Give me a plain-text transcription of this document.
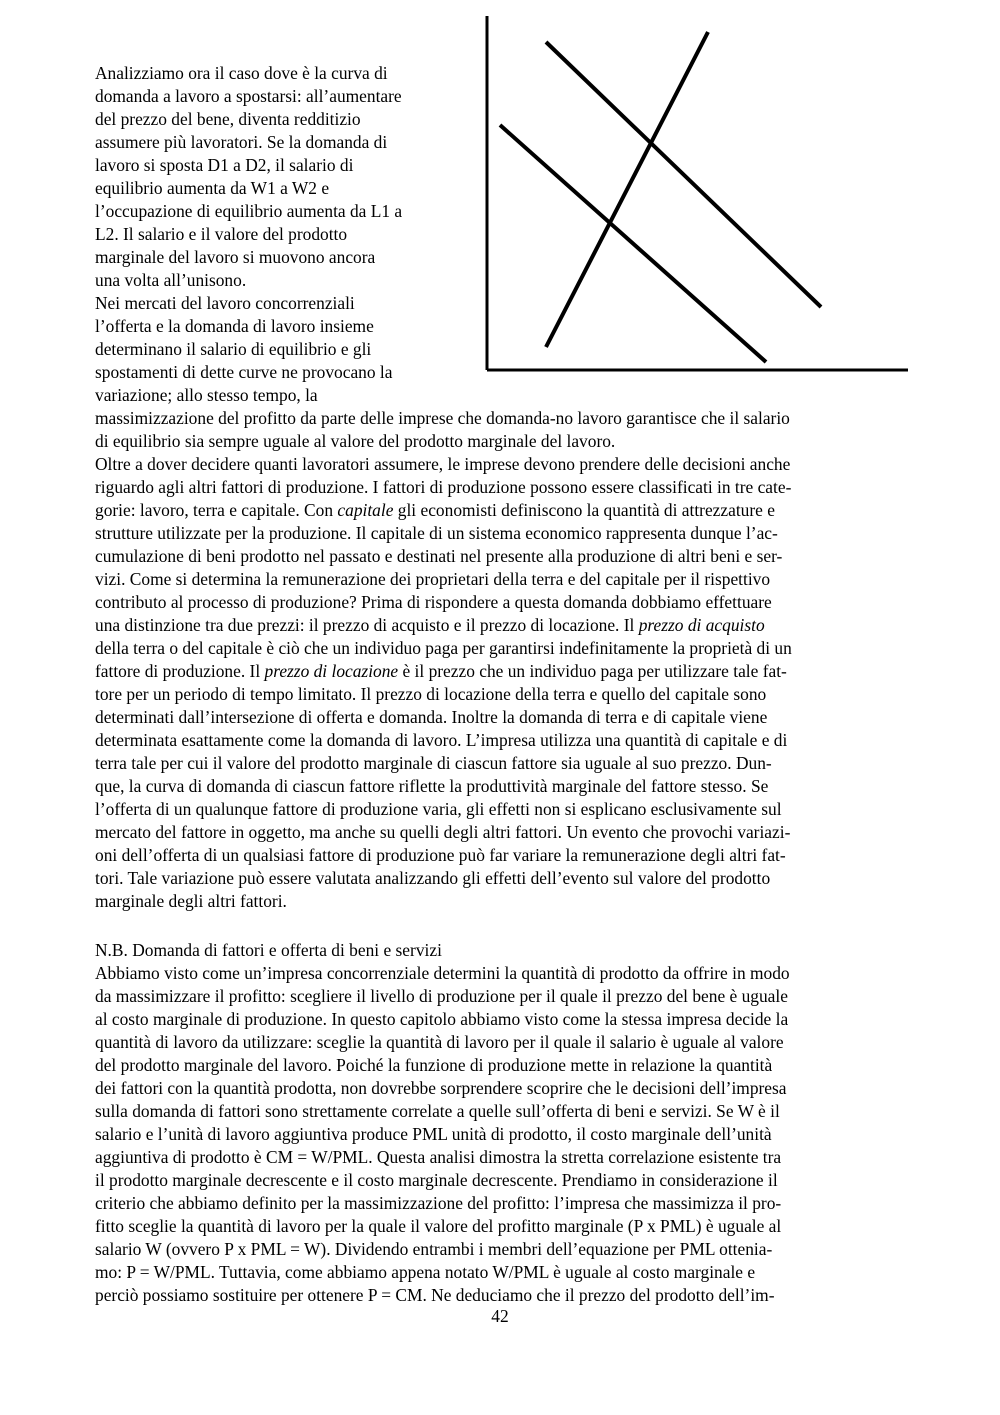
Analizziamo ora il caso dove è la curva di
domanda a lavoro a spostarsi: all’aumentare
del prezzo del bene, diventa redditizio
assumere più lavoratori. Se la domanda di
lavoro si sposta D1 a D2, il salario di
equilibrio aumenta da W1 a W2 e
l’occupazione di equilibrio aumenta da L1 a
L2. Il salario e il valore del prodotto
marginale del lavoro si muovono ancora
una volta all’unisono.
Nei mercati del lavoro concorrenziali
l’offerta e la domanda di lavoro insieme
determinano il salario di equilibrio e gli
spostamenti di dette curve ne provocano la
variazione; allo stesso tempo, la
massimizzazione del profitto da parte delle imprese che domanda-no lavoro garantisce che il salario
di equilibrio sia sempre uguale al valore del prodotto marginale del lavoro.
Oltre a dover decidere quanti lavoratori assumere, le imprese devono prendere delle decisioni anche
riguardo agli altri fattori di produzione. I fattori di produzione possono essere classificati in tre cate-
gorie: lavoro, terra e capitale. Con capitale gli economisti definiscono la quantità di attrezzature e
strutture utilizzate per la produzione. Il capitale di un sistema economico rappresenta dunque l’ac-
cumulazione di beni prodotto nel passato e destinati nel presente alla produzione di altri beni e ser-
vizi. Come si determina la remunerazione dei proprietari della terra e del capitale per il rispettivo
contributo al processo di produzione? Prima di rispondere a questa domanda dobbiamo effettuare
una distinzione tra due prezzi: il prezzo di acquisto e il prezzo di locazione. Il prezzo di acquisto
della terra o del capitale è ciò che un individuo paga per garantirsi indefinitamente la proprietà di un
fattore di produzione. Il prezzo di locazione è il prezzo che un individuo paga per utilizzare tale fat-
tore per un periodo di tempo limitato. Il prezzo di locazione della terra e quello del capitale sono
determinati dall’intersezione di offerta e domanda. Inoltre la domanda di terra e di capitale viene
determinata esattamente come la domanda di lavoro. L’impresa utilizza una quantità di capitale e di
terra tale per cui il valore del prodotto marginale di ciascun fattore sia uguale al suo prezzo. Dun-
que, la curva di domanda di ciascun fattore riflette la produttività marginale del fattore stesso. Se
l’offerta di un qualunque fattore di produzione varia, gli effetti non si esplicano esclusivamente sul
mercato del fattore in oggetto, ma anche su quelli degli altri fattori. Un evento che provochi variazi-
oni dell’offerta di un qualsiasi fattore di produzione può far variare la remunerazione degli altri fat-
tori. Tale variazione può essere valutata analizzando gli effetti dell’evento sul valore del prodotto
marginale degli altri fattori.
N.B. Domanda di fattori e offerta di beni e servizi
Abbiamo visto come un’impresa concorrenziale determini la quantità di prodotto da offrire in modo
da massimizzare il profitto: scegliere il livello di produzione per il quale il prezzo del bene è uguale
al costo marginale di produzione. In questo capitolo abbiamo visto come la stessa impresa decide la
quantità di lavoro da utilizzare: sceglie la quantità di lavoro per il quale il salario è uguale al valore
del prodotto marginale del lavoro. Poiché la funzione di produzione mette in relazione la quantità
dei fattori con la quantità prodotta, non dovrebbe sorprendere scoprire che le decisioni dell’impresa
sulla domanda di fattori sono strettamente correlate a quelle sull’offerta di beni e servizi. Se W è il
salario e l’unità di lavoro aggiuntiva produce PML unità di prodotto, il costo marginale dell’unità
aggiuntiva di prodotto è CM = W/PML. Questa analisi dimostra la stretta correlazione esistente tra
il prodotto marginale decrescente e il costo marginale decrescente. Prendiamo in considerazione il
criterio che abbiamo definito per la massimizzazione del profitto: l’impresa che massimizza il pro-
fitto sceglie la quantità di lavoro per la quale il valore del profitto marginale (P x PML) è uguale al
salario W (ovvero P x PML = W). Dividendo entrambi i membri dell’equazione per PML ottenia-
mo: P = W/PML. Tuttavia, come abbiamo appena notato W/PML è uguale al costo marginale e
perciò possiamo sostituire per ottenere P = CM. Ne deduciamo che il prezzo del prodotto dell’im-
42
